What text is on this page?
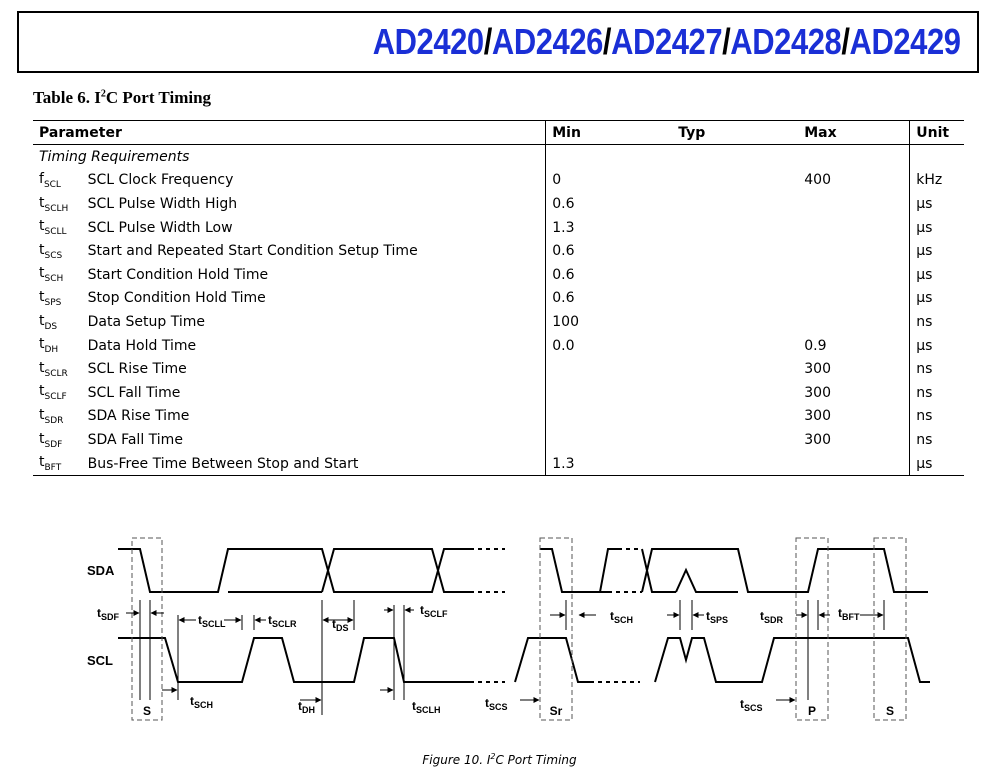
AD2420/AD2426/AD2427/AD2428/AD2429
Table 6. $I^2C$ Port Timing
Parameter		Min	Typ	Max	Unit
Timing Requirements					
$f_{SCL}$	SCL Clock Frequency	0		400	kHz
$t_{SCLH}$	SCL Pulse Width High	0.6			μs
$t_{SCLL}$	SCL Pulse Width Low	1.3			μs
$t_{SCS}$	Start and Repeated Start Condition Setup Time	0.6			μs
$t_{SCH}$	Start Condition Hold Time	0.6			μs
$t_{SPS}$	Stop Condition Hold Time	0.6			μs
$t_{DS}$	Data Setup Time	100			ns
$t_{DH}$	Data Hold Time	0.0		0.9	μs
$t_{SCLR}$	SCL Rise Time			300	ns
$t_{SCLF}$	SCL Fall Time			300	ns
$t_{SDR}$	SDA Rise Time			300	ns
$t_{SDF}$	SDA Fall Time			300	ns
$t_{BFT}$	Bus-Free Time Between Stop and Start	1.3			μs
SDA
SCL
$t_{SDF}$	$t_{SCLL}$	$t_{SCLR}$	$t_{DS}$
$t_{SCLF}$
$t_{SCH}$	$t_{DH}$	$t_{SCLH}$	$t_{SCS}$
$t_{SCH}$	$t_{SPS}$	$t_{SDR}$	$t_{BFT}$
$t_{SCS}$
S	Sr	P	S
Figure 10. $I^2C$ Port Timing
